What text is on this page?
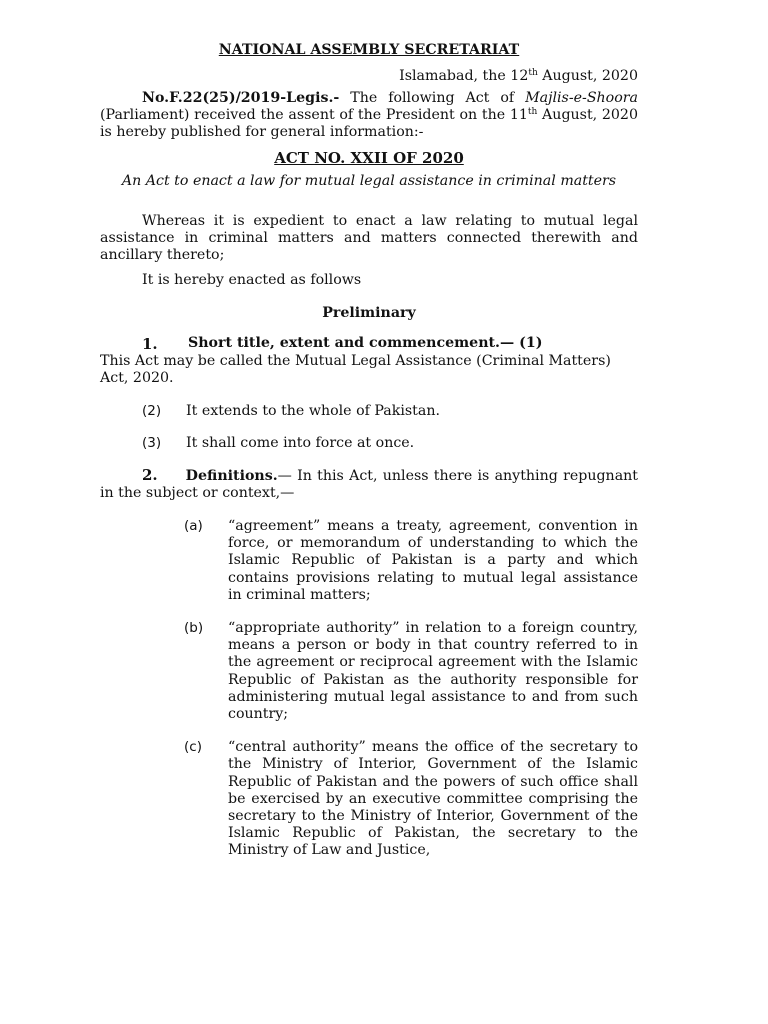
NATIONAL ASSEMBLY SECRETARIAT

Islamabad, the 12th August, 2020

No.F.22(25)/2019-Legis.- The following Act of Majlis-e-Shoora (Parliament) received the assent of the President on the 11th August, 2020 is hereby published for general information:-

ACT NO. XXII OF 2020

An Act to enact a law for mutual legal assistance in criminal matters

Whereas it is expedient to enact a law relating to mutual legal assistance in criminal matters and matters connected therewith and ancillary thereto;

It is hereby enacted as follows

Preliminary

1.	Short title, extent and commencement.— (1)

This Act may be called the Mutual Legal Assistance (Criminal Matters) Act, 2020.

(2)	It extends to the whole of Pakistan.
(3)	It shall come into force at once.

2. Definitions.— In this Act, unless there is anything repugnant in the subject or context,—

(a)	“agreement” means a treaty, agreement, convention in force, or memorandum of understanding to which the Islamic Republic of Pakistan is a party and which contains provisions relating to mutual legal assistance in criminal matters;
(b)	“appropriate authority” in relation to a foreign country, means a person or body in that country referred to in the agreement or reciprocal agreement with the Islamic Republic of Pakistan as the authority responsible for administering mutual legal assistance to and from such country;
(c)	“central authority” means the office of the secretary to the Ministry of Interior, Government of the Islamic Republic of Pakistan and the powers of such office shall be exercised by an executive committee comprising the secretary to the Ministry of Interior, Government of the Islamic Republic of Pakistan, the secretary to the Ministry of Law and Justice,
